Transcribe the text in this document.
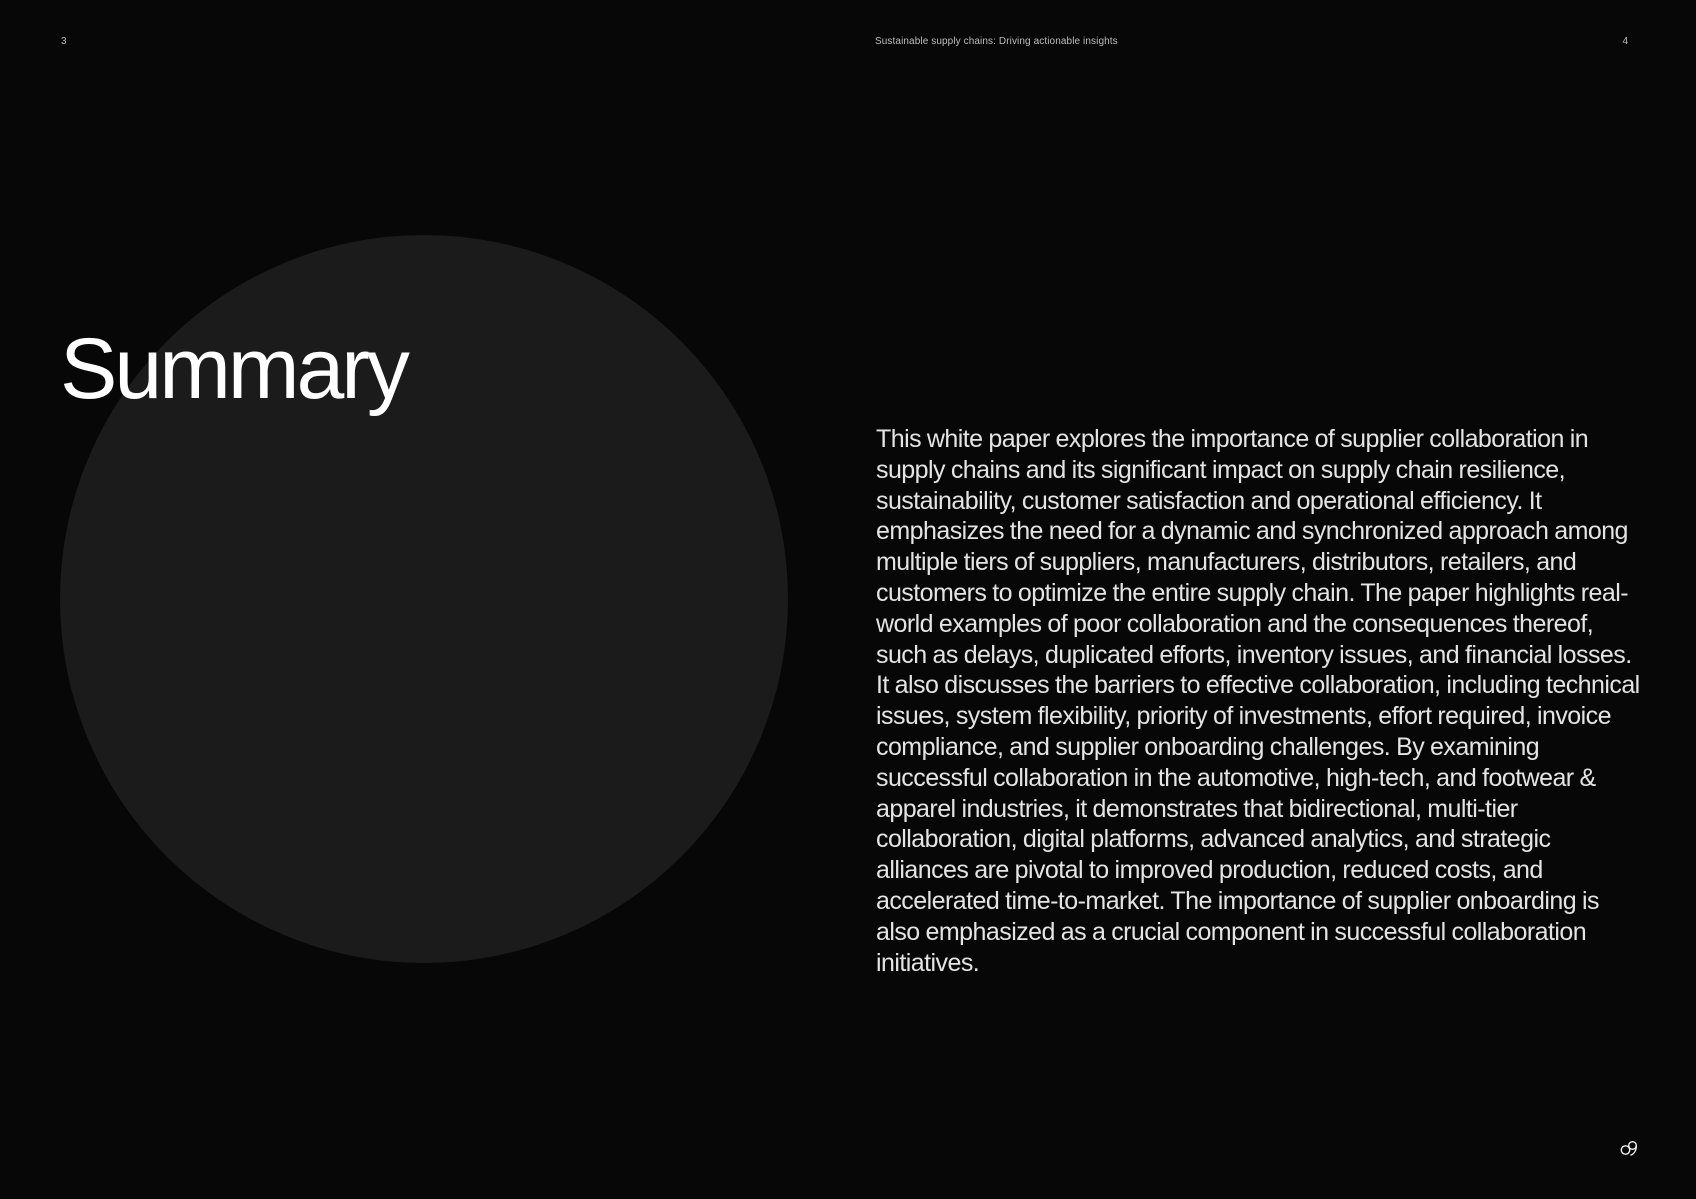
3	Sustainable supply chains: Driving actionable insights	4
Summary

This white paper explores the importance of supplier collaboration in supply chains and its significant impact on supply chain resilience, sustainability, customer satisfaction and operational efficiency. It emphasizes the need for a dynamic and synchronized approach among multiple tiers of suppliers, manufacturers, distributors, retailers, and customers to optimize the entire supply chain. The paper highlights real-world examples of poor collaboration and the consequences thereof, such as delays, duplicated efforts, inventory issues, and financial losses. It also discusses the barriers to effective collaboration, including technical issues, system flexibility, priority of investments, effort required, invoice compliance, and supplier onboarding challenges. By examining successful collaboration in the automotive, high-tech, and footwear & apparel industries, it demonstrates that bidirectional, multi-tier collaboration, digital platforms, advanced analytics, and strategic alliances are pivotal to improved production, reduced costs, and accelerated time-to-market. The importance of supplier onboarding is also emphasized as a crucial component in successful collaboration initiatives.
